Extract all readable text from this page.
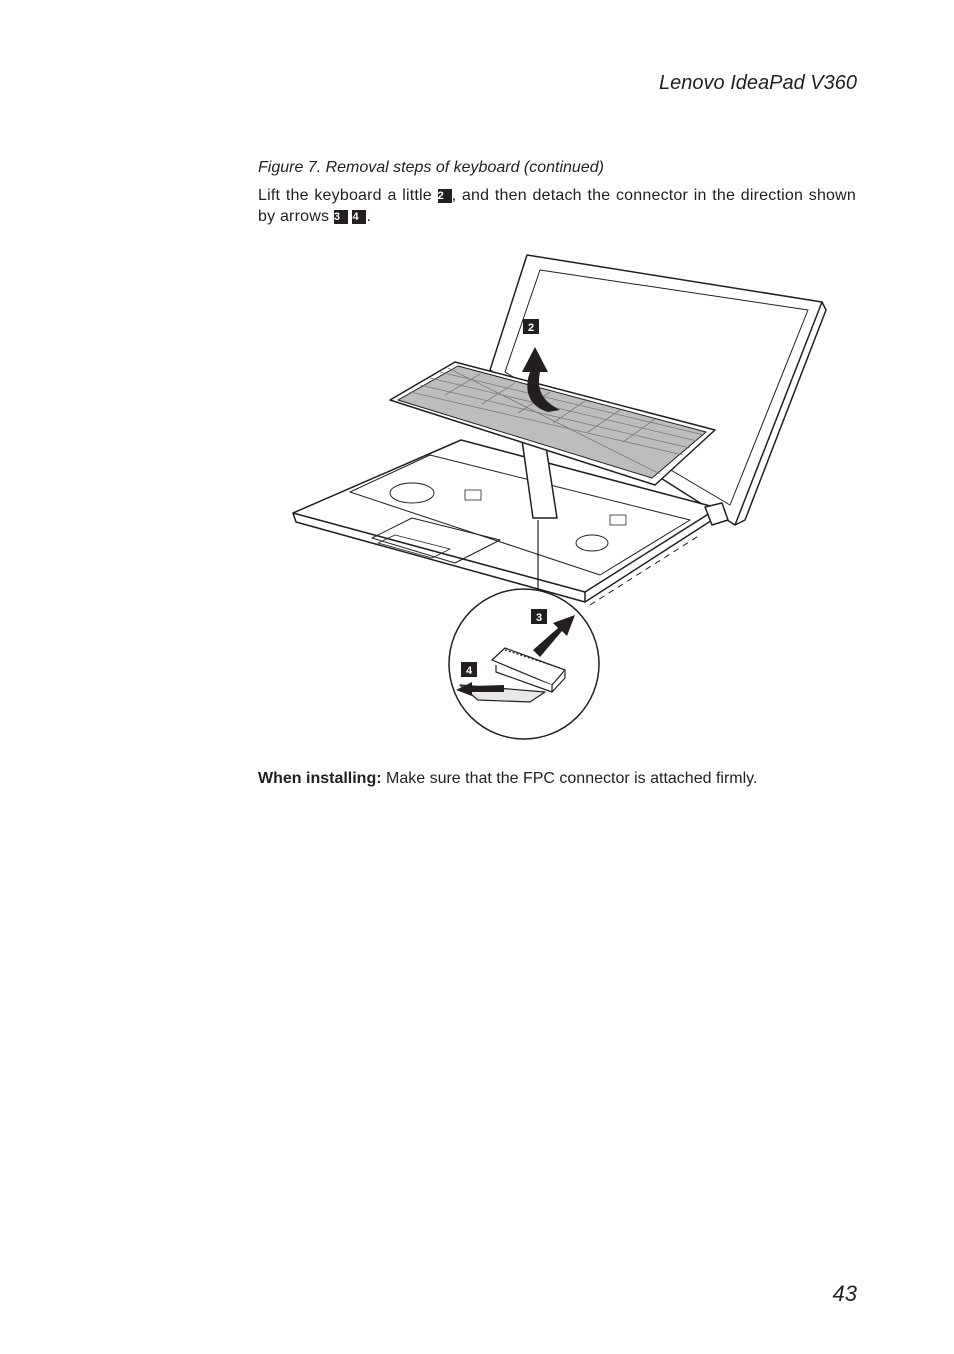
Lenovo IdeaPad V360
Figure 7. Removal steps of keyboard (continued)
Lift the keyboard a little 2 , and then detach the connector in the direction shown by arrows 3 4 .
2
3
4
When installing: Make sure that the FPC connector is attached firmly.
43
